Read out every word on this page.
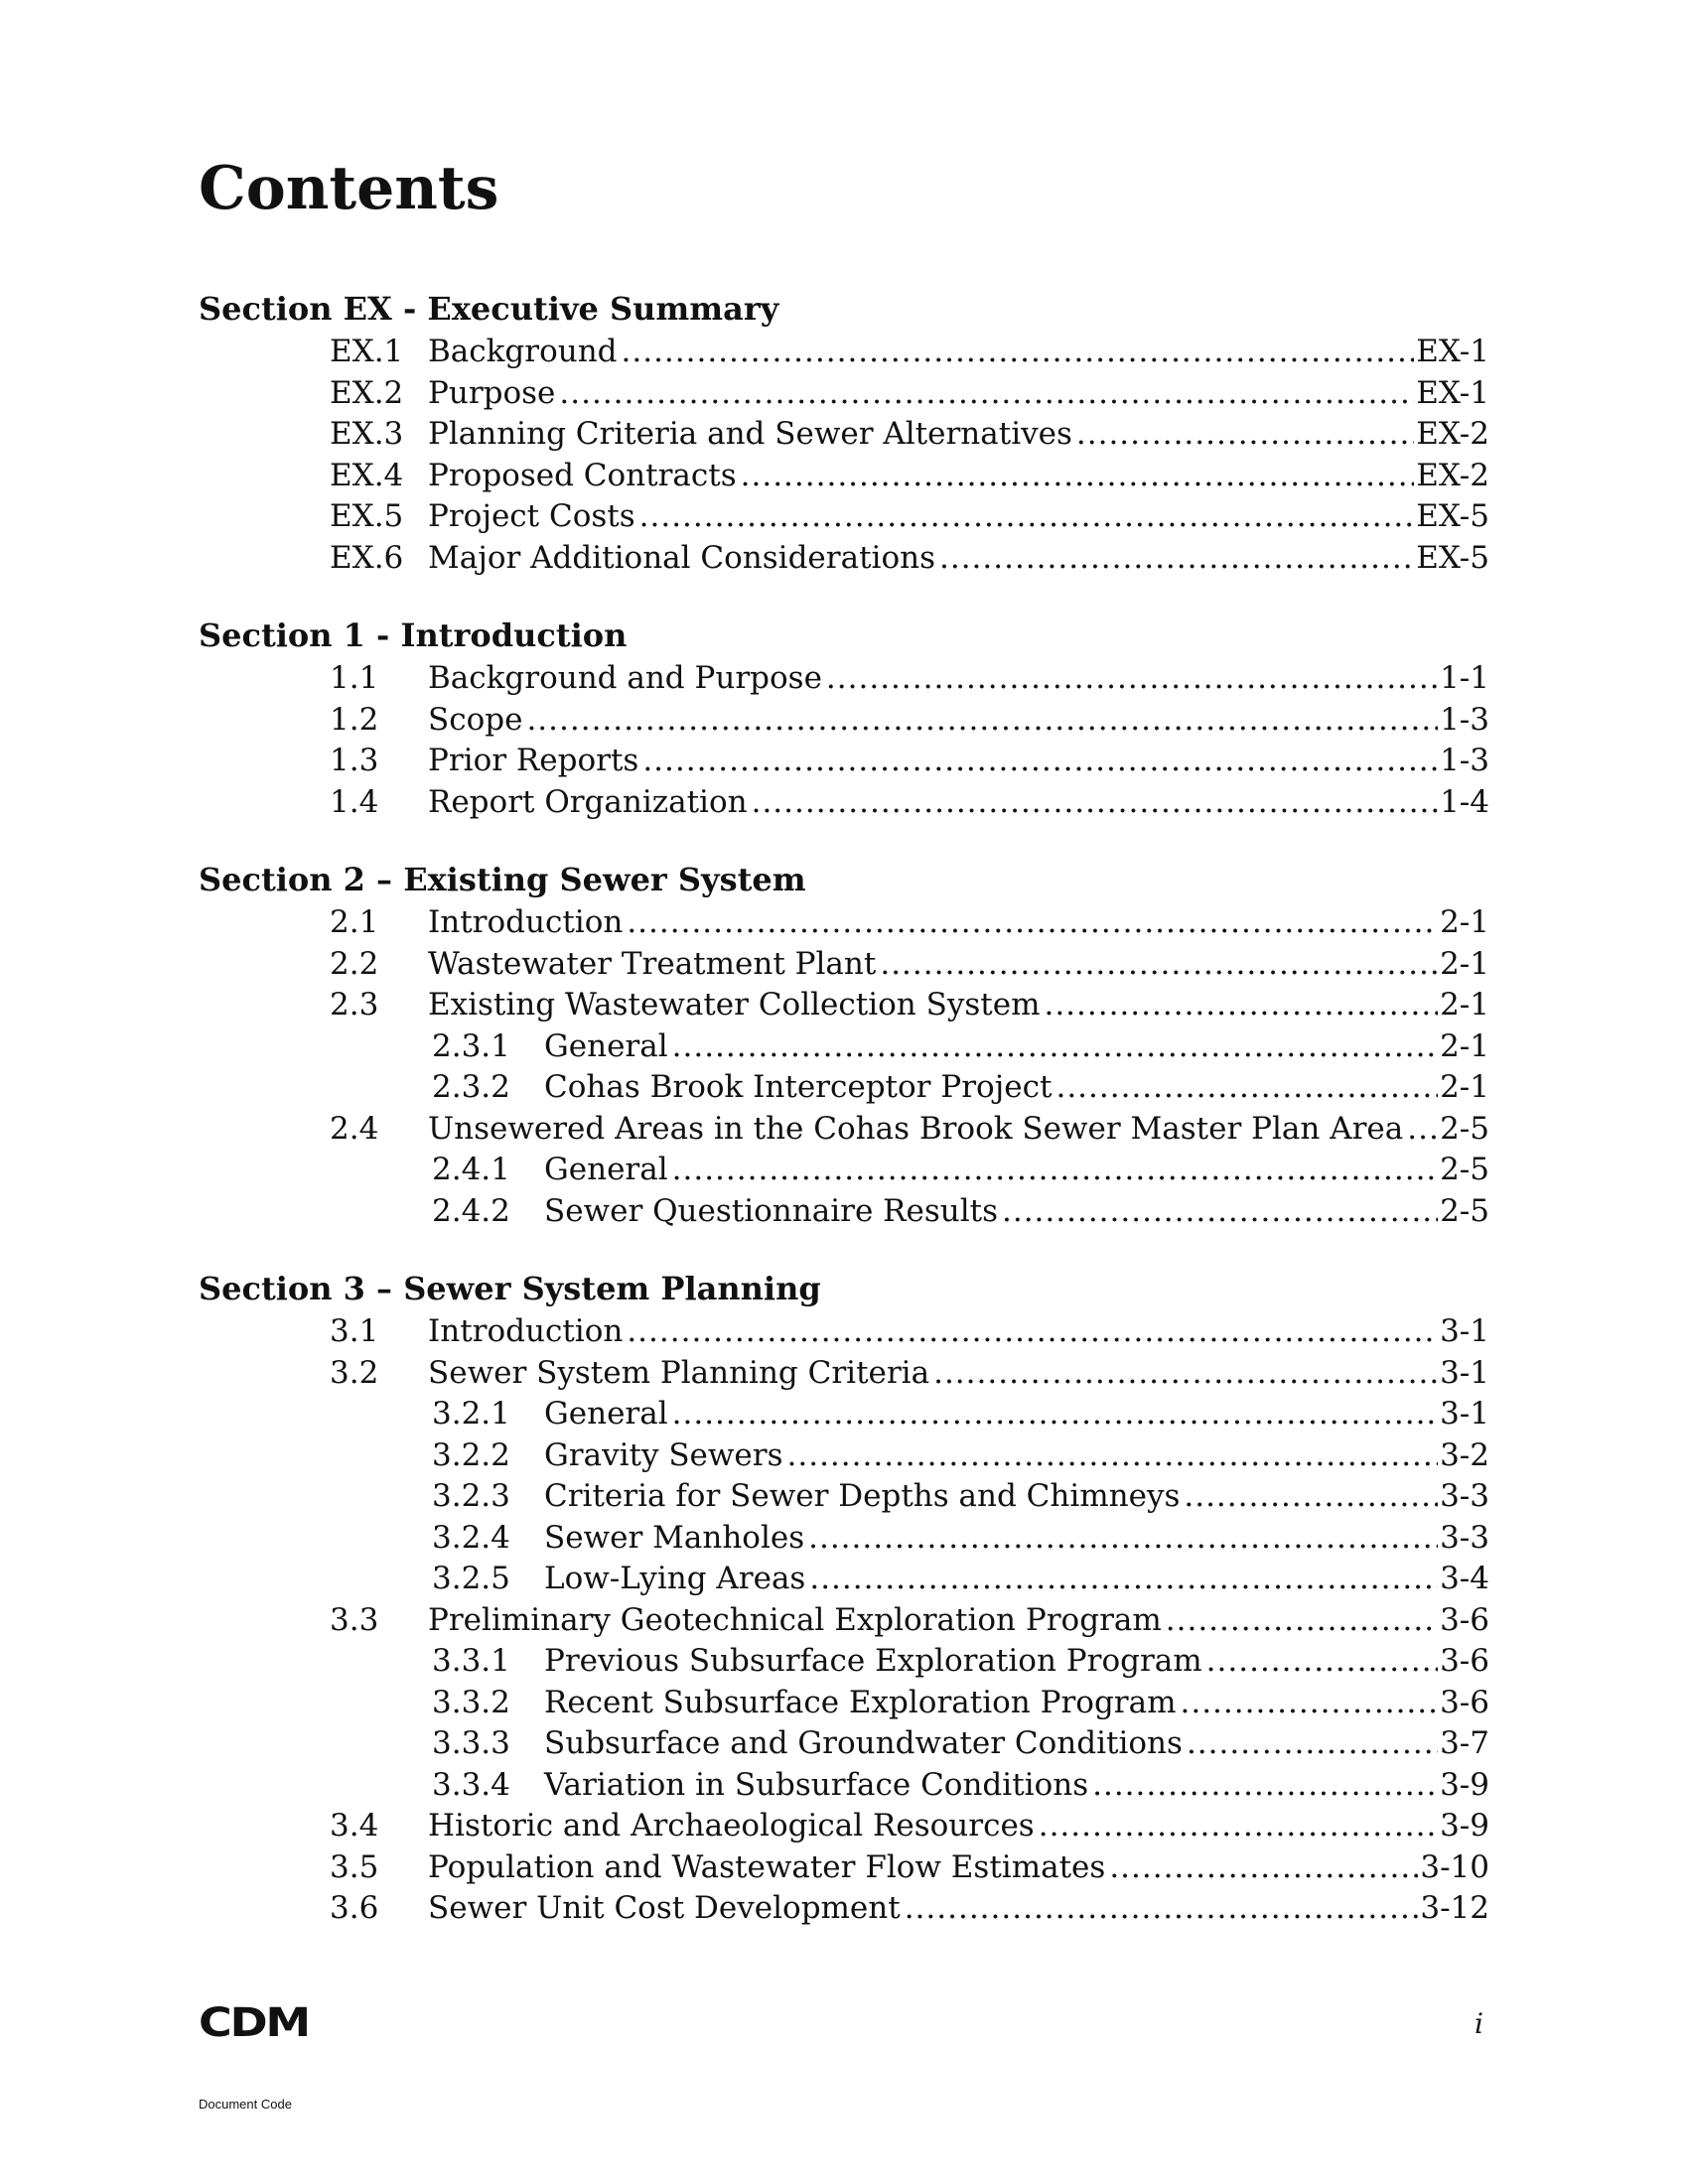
Contents
Section EX - Executive Summary
EX.1 Background .....	EX-1
EX.2 Purpose .....	EX-1
EX.3 Planning Criteria and Sewer Alternatives .....	EX-2
EX.4 Proposed Contracts .....	EX-2
EX.5 Project Costs .....	EX-5
EX.6 Major Additional Considerations .....	EX-5
Section 1 - Introduction
1.1 Background and Purpose .....	1-1
1.2 Scope .....	1-3
1.3 Prior Reports .....	1-3
1.4 Report Organization .....	1-4
Section 2 – Existing Sewer System
2.1 Introduction .....	2-1
2.2 Wastewater Treatment Plant .....	2-1
2.3 Existing Wastewater Collection System .....	2-1
2.3.1 General .....	2-1
2.3.2 Cohas Brook Interceptor Project .....	2-1
2.4 Unsewered Areas in the Cohas Brook Sewer Master Plan Area ..... 2-5
2.4.1 General .....	2-5
2.4.2 Sewer Questionnaire Results .....	2-5
Section 3 – Sewer System Planning
3.1 Introduction .....	3-1
3.2 Sewer System Planning Criteria .....	3-1
3.2.1 General .....	3-1
3.2.2 Gravity Sewers .....	3-2
3.2.3 Criteria for Sewer Depths and Chimneys .....	3-3
3.2.4 Sewer Manholes .....	3-3
3.2.5 Low-Lying Areas .....	3-4
3.3 Preliminary Geotechnical Exploration Program .....	3-6
3.3.1 Previous Subsurface Exploration Program .....	3-6
3.3.2 Recent Subsurface Exploration Program .....	3-6
3.3.3 Subsurface and Groundwater Conditions .....	3-7
3.3.4 Variation in Subsurface Conditions .....	3-9
3.4 Historic and Archaeological Resources .....	3-9
3.5 Population and Wastewater Flow Estimates .....	3-10
3.6 Sewer Unit Cost Development .....	3-12
CDM	i
Document Code
